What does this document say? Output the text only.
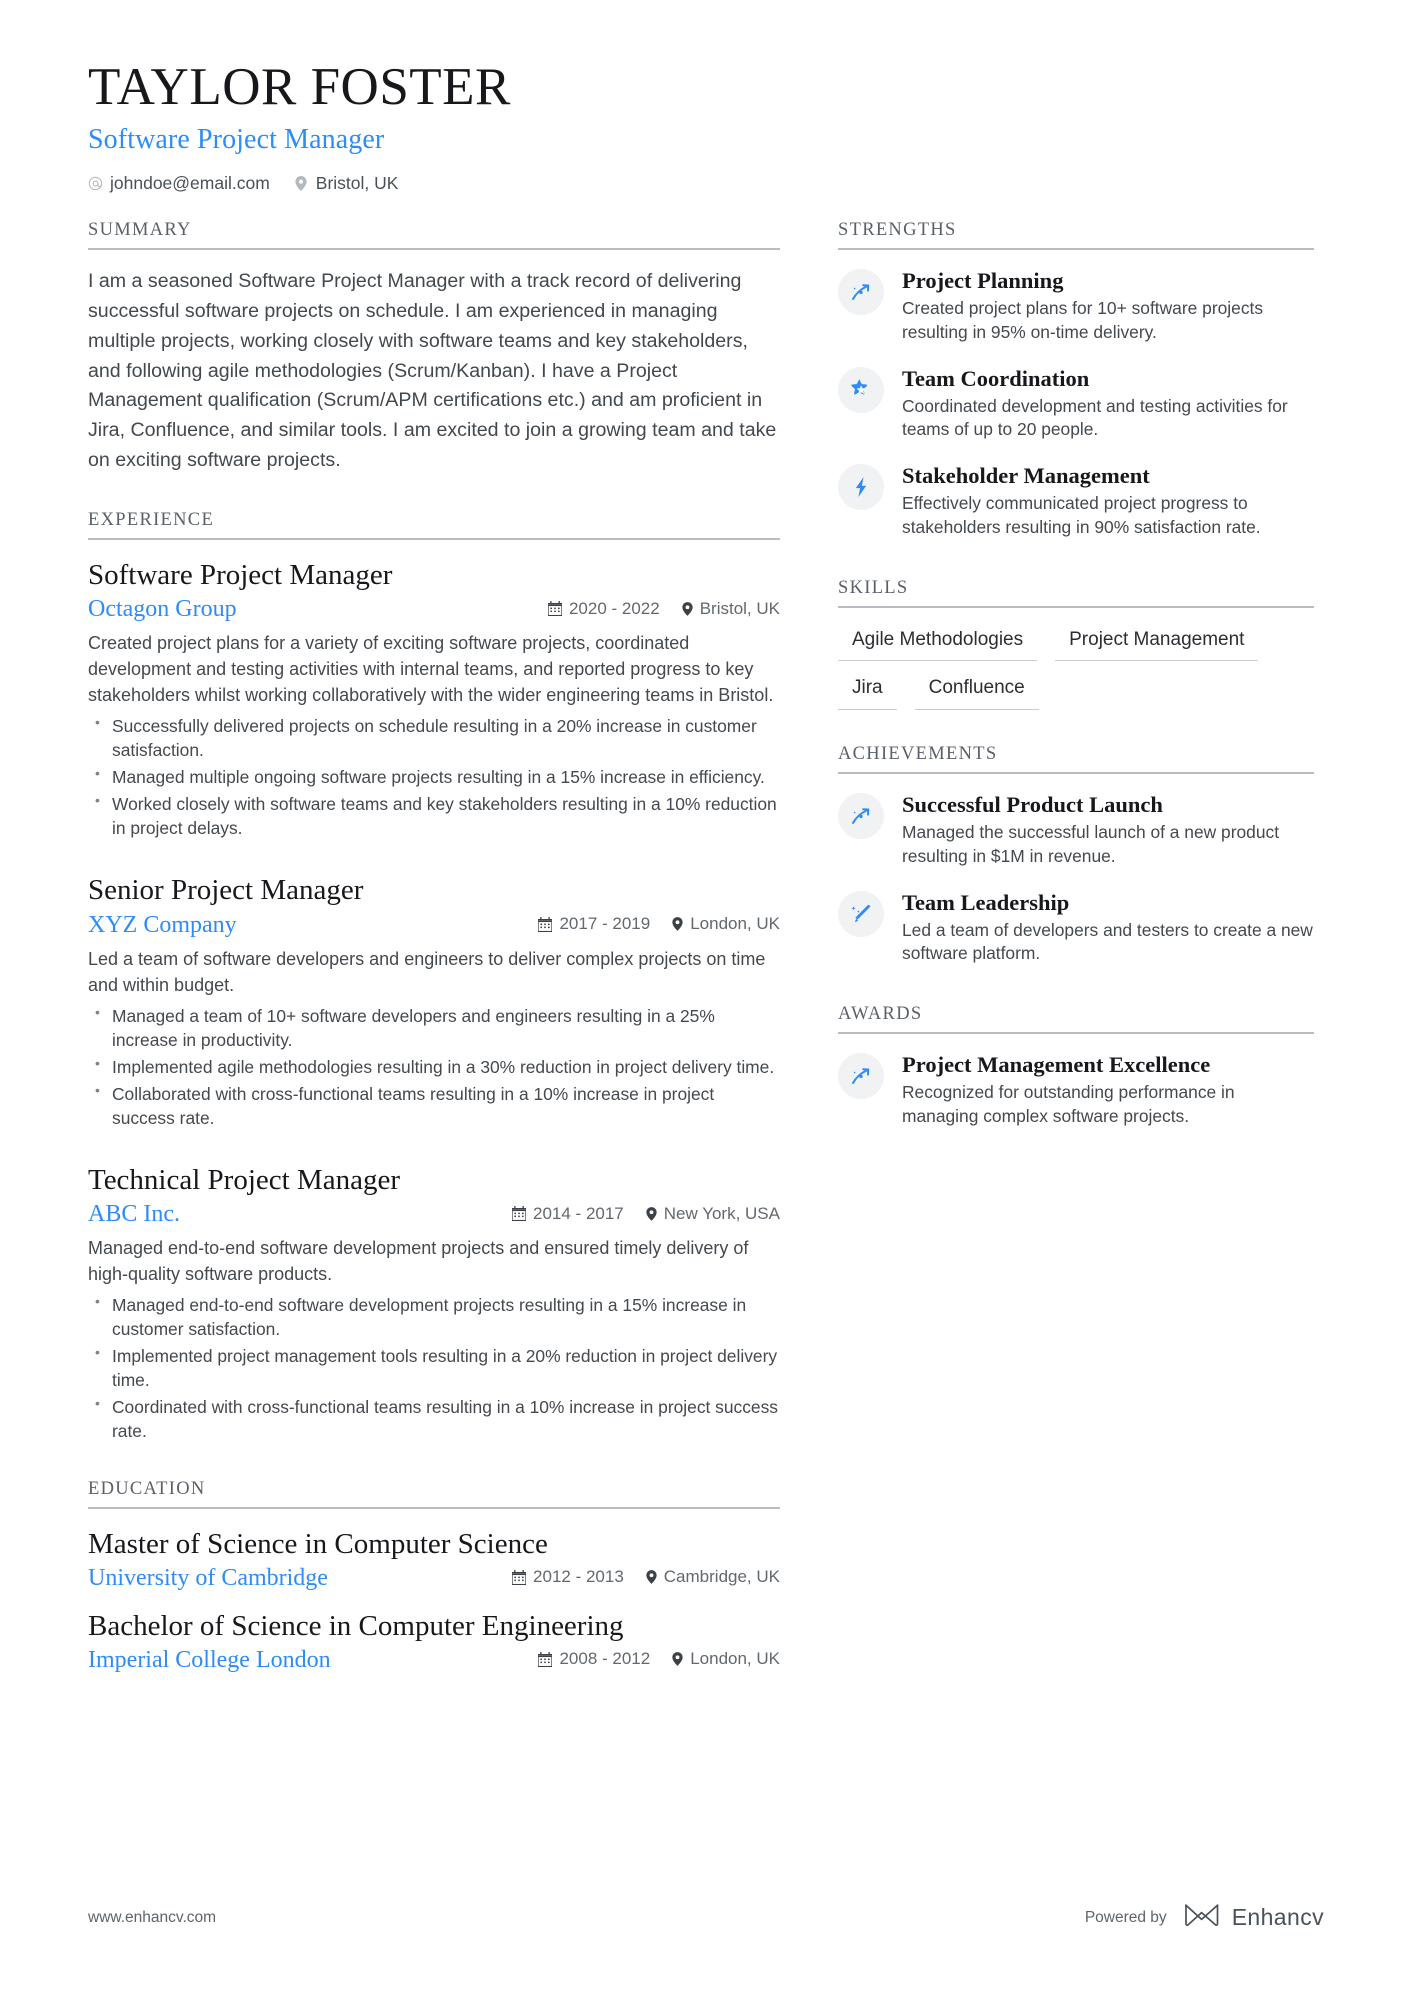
TAYLOR FOSTER
Software Project Manager
johndoe@email.com	Bristol, UK
SUMMARY
I am a seasoned Software Project Manager with a track record of delivering successful software projects on schedule. I am experienced in managing multiple projects, working closely with software teams and key stakeholders, and following agile methodologies (Scrum/Kanban). I have a Project Management qualification (Scrum/APM certifications etc.) and am proficient in Jira, Confluence, and similar tools. I am excited to join a growing team and take on exciting software projects.
EXPERIENCE
Software Project Manager
Octagon Group	2020 - 2022 Bristol, UK
Created project plans for a variety of exciting software projects, coordinated development and testing activities with internal teams, and reported progress to key stakeholders whilst working collaboratively with the wider engineering teams in Bristol.
• Successfully delivered projects on schedule resulting in a 20% increase in customer satisfaction.
• Managed multiple ongoing software projects resulting in a 15% increase in efficiency.
• Worked closely with software teams and key stakeholders resulting in a 10% reduction in project delays.
Senior Project Manager
XYZ Company	2017 - 2019 London, UK
Led a team of software developers and engineers to deliver complex projects on time and within budget.
• Managed a team of 10+ software developers and engineers resulting in a 25% increase in productivity.
• Implemented agile methodologies resulting in a 30% reduction in project delivery time.
• Collaborated with cross-functional teams resulting in a 10% increase in project success rate.
Technical Project Manager
ABC Inc.	2014 - 2017 New York, USA
Managed end-to-end software development projects and ensured timely delivery of high-quality software products.
• Managed end-to-end software development projects resulting in a 15% increase in customer satisfaction.
• Implemented project management tools resulting in a 20% reduction in project delivery time.
• Coordinated with cross-functional teams resulting in a 10% increase in project success rate.
EDUCATION
Master of Science in Computer Science
University of Cambridge	2012 - 2013 Cambridge, UK
Bachelor of Science in Computer Engineering
Imperial College London	2008 - 2012 London, UK
STRENGTHS
Project Planning
Created project plans for 10+ software projects resulting in 95% on-time delivery.
Team Coordination
Coordinated development and testing activities for teams of up to 20 people.
Stakeholder Management
Effectively communicated project progress to stakeholders resulting in 90% satisfaction rate.
SKILLS
Agile Methodologies	Project Management
Jira	Confluence
ACHIEVEMENTS
Successful Product Launch
Managed the successful launch of a new product resulting in $1M in revenue.
Team Leadership
Led a team of developers and testers to create a new software platform.
AWARDS
Project Management Excellence
Recognized for outstanding performance in managing complex software projects.
www.enhancv.com	Powered by	Enhancv
